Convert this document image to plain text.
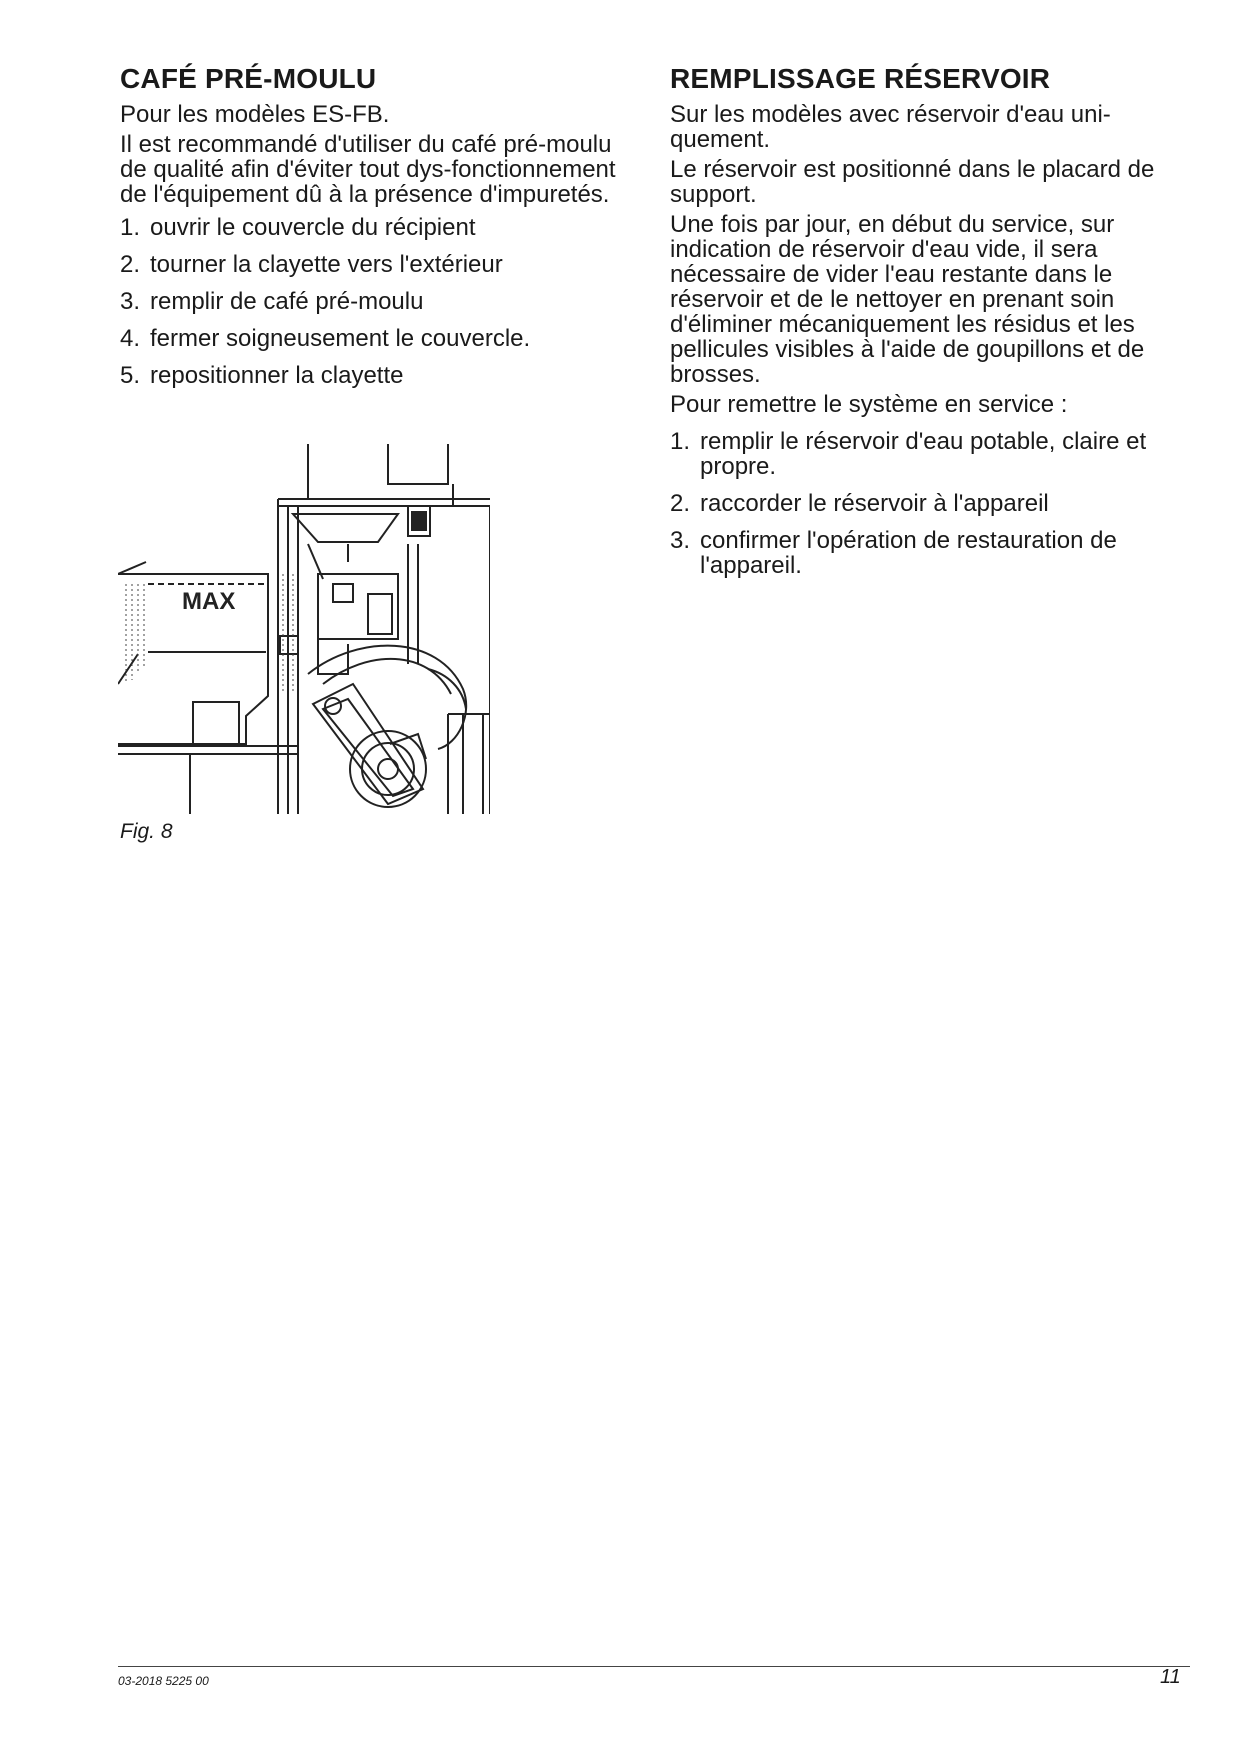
CAFÉ PRÉ-MOULU

Pour les modèles ES-FB.

Il est recommandé d'utiliser du café pré-moulu de qualité afin d'éviter tout dys-fonctionnement de l'équipement dû à la présence d'impuretés.

1. ouvrir le couvercle du récipient
2. tourner la clayette vers l'extérieur
3. remplir de café pré-moulu
4. fermer soigneusement le couvercle.
5. repositionner la clayette
MAX
Fig. 8
REMPLISSAGE RÉSERVOIR

Sur les modèles avec réservoir d'eau uni-quement.

Le réservoir est positionné dans le placard de support.

Une fois par jour, en début du service, sur indication de réservoir d'eau vide, il sera nécessaire de vider l'eau restante dans le réservoir et de le nettoyer en prenant soin d'éliminer mécaniquement les résidus et les pellicules visibles à l'aide de goupillons et de brosses.

Pour remettre le système en service :

1. remplir le réservoir d'eau potable, claire et propre.
2. raccorder le réservoir à l'appareil
3. confirmer l'opération de restauration de l'appareil.
03-2018 5225 00	11
